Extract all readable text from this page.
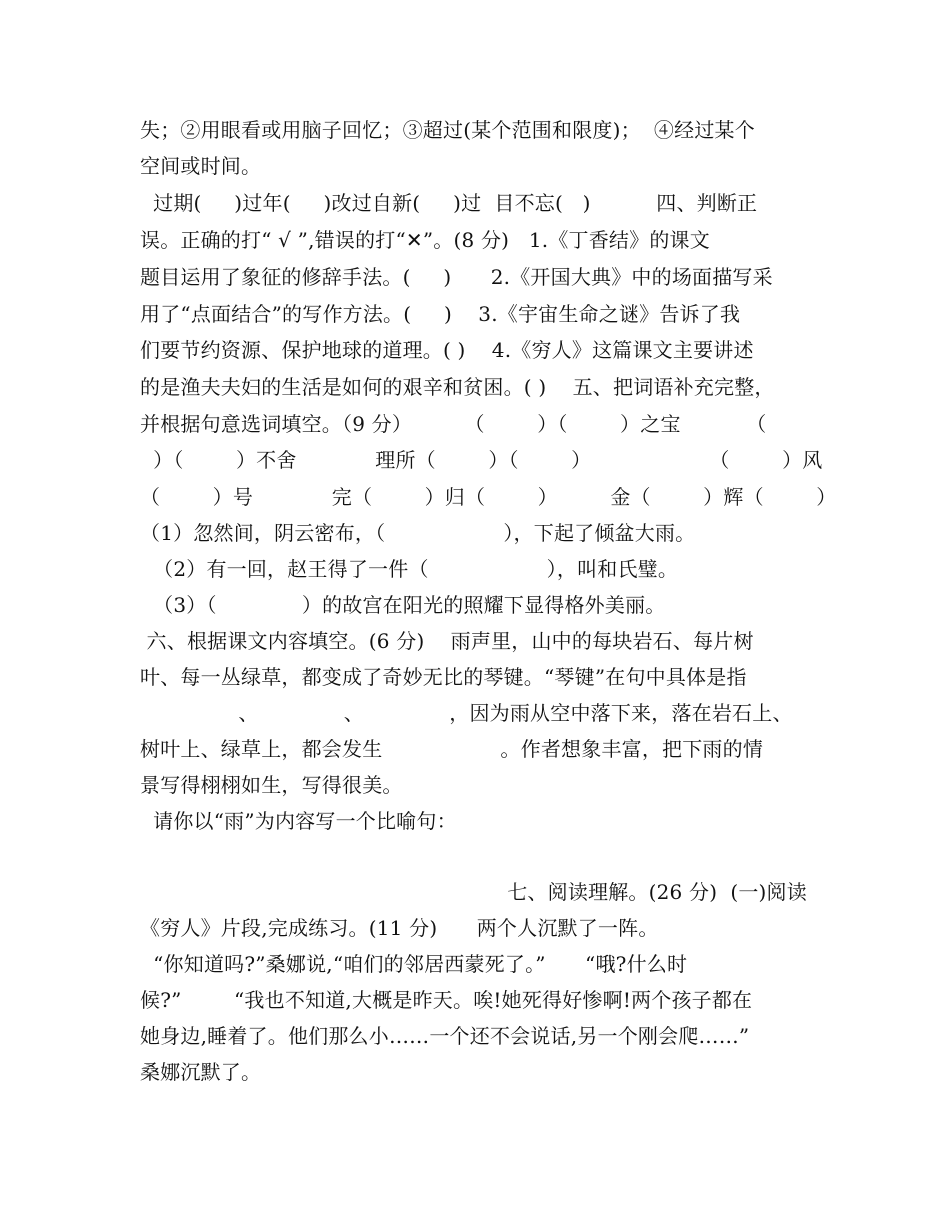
失；②用眼看或用脑子回忆；③超过(某个范围和限度)；  ④经过某个
空间或时间。
过期(     )过年(     )改过自新(     )过  目不忘(   )          四、判断正
误。正确的打“ √ ”,错误的打“✕”。(8 分)   1.《丁香结》的课文
题目运用了象征的修辞手法。(     )      2.《开国大典》中的场面描写采
用了“点面结合”的写作方法。(     )    3.《宇宙生命之谜》告诉了我
们要节约资源、保护地球的道理。( )    4.《穷人》这篇课文主要讲述
的是渔夫夫妇的生活是如何的艰辛和贫困。( )    五、把词语补充完整，
并根据句意选词填空。（9 分）        （        ）（        ）之宝          （
）（        ）不舍            理所（        ）（        ）                  （        ）风
（        ）号            完（        ）归（        ）        金（        ）辉（        ）
（1）忽然间，阴云密布，（                  ），下起了倾盆大雨。
（2）有一回，赵王得了一件（                  ），叫和氏璧。
（3）（             ）的故宫在阳光的照耀下显得格外美丽。
六、根据课文内容填空。(6 分)    雨声里，山中的每块岩石、每片树
叶、每一丛绿草，都变成了奇妙无比的琴键。“琴键”在句中具体是指
、             、             ，因为雨从空中落下来，落在岩石上、
树叶上、绿草上，都会发生                  。作者想象丰富，把下雨的情
景写得栩栩如生，写得很美。
请你以“雨”为内容写一个比喻句：
七、阅读理解。(26 分)  (一)阅读
《穷人》片段,完成练习。(11 分)      两个人沉默了一阵。
“你知道吗?”桑娜说,“咱们的邻居西蒙死了。”      “哦?什么时
候?”        “我也不知道,大概是昨天。唉!她死得好惨啊!两个孩子都在
她身边,睡着了。他们那么小……一个还不会说话,另一个刚会爬……”
桑娜沉默了。
